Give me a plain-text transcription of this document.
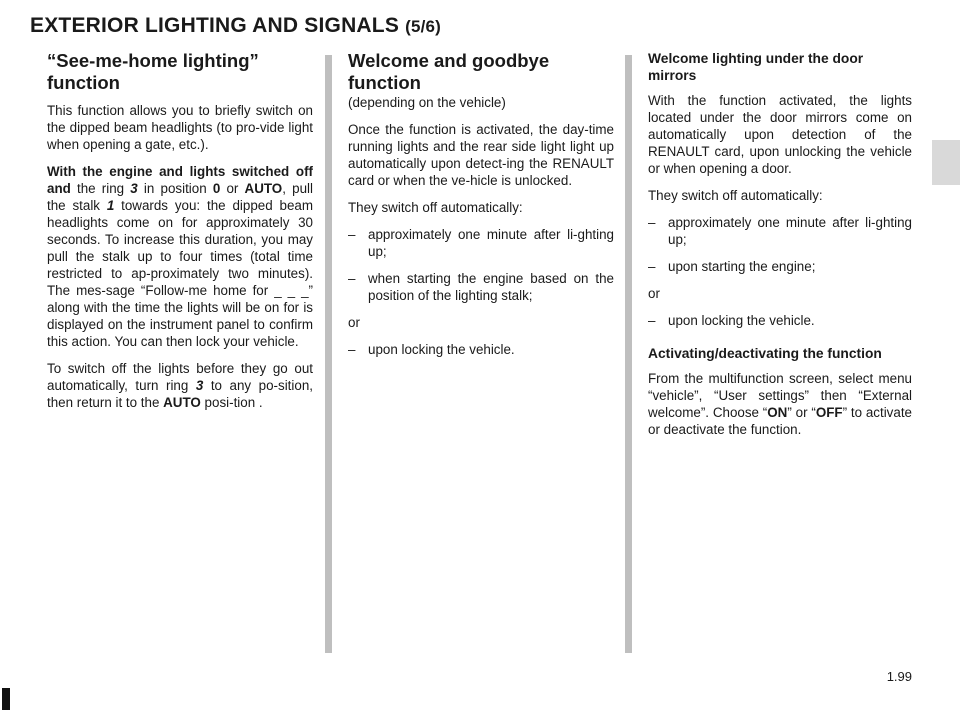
EXTERIOR LIGHTING AND SIGNALS (5/6)
“See-me-home lighting” function

This function allows you to briefly switch on the dipped beam headlights (to pro-vide light when opening a gate, etc.).

With the engine and lights switched off and the ring 3 in position 0 or AUTO, pull the stalk 1 towards you: the dipped beam headlights come on for approximately 30 seconds. To increase this duration, you may pull the stalk up to four times (total time restricted to ap-proximately two minutes). The mes-sage “Follow-me home for _ _ _” along with the time the lights will be on for is displayed on the instrument panel to confirm this action. You can then lock your vehicle.

To switch off the lights before they go out automatically, turn ring 3 to any po-sition, then return it to the AUTO posi-tion .

Welcome and goodbye function

(depending on the vehicle)

Once the function is activated, the day-time running lights and the rear side light light up automatically upon detect-ing the RENAULT card or when the ve-hicle is unlocked.

They switch off automatically:

– approximately one minute after li-ghting up;
– when starting the engine based on the position of the lighting stalk;

or

– upon locking the vehicle.
Welcome lighting under the door mirrors

With the function activated, the lights located under the door mirrors come on automatically upon detection of the RENAULT card, upon unlocking the vehicle or when opening a door.

They switch off automatically:

– approximately one minute after li-ghting up;
– upon starting the engine;

or

– upon locking the vehicle.
Activating/deactivating the function

From the multifunction screen, select menu “vehicle”, “User settings” then “External welcome”. Choose “ON” or “OFF” to activate or deactivate the function.

1.99
